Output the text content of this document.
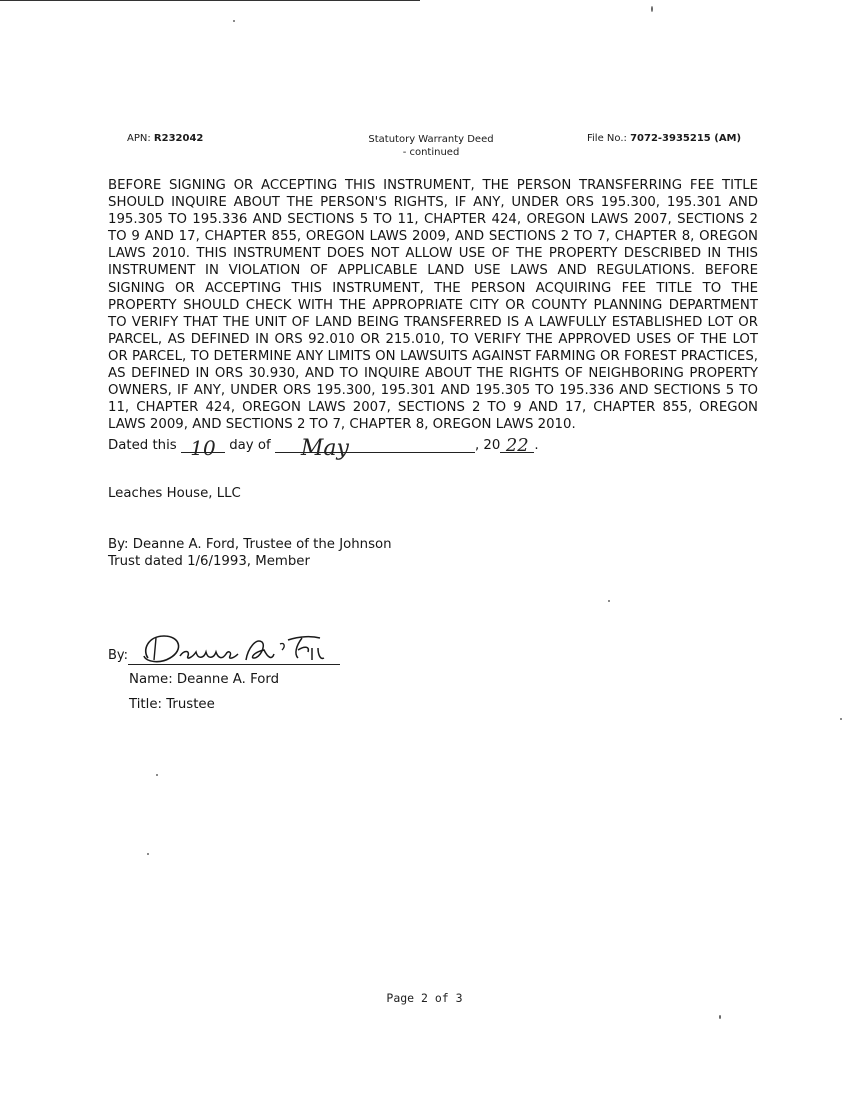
APN: R232042	Statutory Warranty Deed
- continued
File No.: 7072-3935215 (AM)
BEFORE SIGNING OR ACCEPTING THIS INSTRUMENT, THE PERSON TRANSFERRING FEE TITLE SHOULD INQUIRE ABOUT THE PERSON'S RIGHTS, IF ANY, UNDER ORS 195.300, 195.301 AND 195.305 TO 195.336 AND SECTIONS 5 TO 11, CHAPTER 424, OREGON LAWS 2007, SECTIONS 2 TO 9 AND 17, CHAPTER 855, OREGON LAWS 2009, AND SECTIONS 2 TO 7, CHAPTER 8, OREGON LAWS 2010. THIS INSTRUMENT DOES NOT ALLOW USE OF THE PROPERTY DESCRIBED IN THIS INSTRUMENT IN VIOLATION OF APPLICABLE LAND USE LAWS AND REGULATIONS. BEFORE SIGNING OR ACCEPTING THIS INSTRUMENT, THE PERSON ACQUIRING FEE TITLE TO THE PROPERTY SHOULD CHECK WITH THE APPROPRIATE CITY OR COUNTY PLANNING DEPARTMENT TO VERIFY THAT THE UNIT OF LAND BEING TRANSFERRED IS A LAWFULLY ESTABLISHED LOT OR PARCEL, AS DEFINED IN ORS 92.010 OR 215.010, TO VERIFY THE APPROVED USES OF THE LOT OR PARCEL, TO DETERMINE ANY LIMITS ON LAWSUITS AGAINST FARMING OR FOREST PRACTICES, AS DEFINED IN ORS 30.930, AND TO INQUIRE ABOUT THE RIGHTS OF NEIGHBORING PROPERTY OWNERS, IF ANY, UNDER ORS 195.300, 195.301 AND 195.305 TO 195.336 AND SECTIONS 5 TO 11, CHAPTER 424, OREGON LAWS 2007, SECTIONS 2 TO 9 AND 17, CHAPTER 855, OREGON LAWS 2009, AND SECTIONS 2 TO 7, CHAPTER 8, OREGON LAWS 2010.
Dated this 10 day of May	, 20 22 .
Leaches House, LLC
By: Deanne A. Ford, Trustee of the Johnson
Trust dated 1/6/1993, Member
By:
Name: Deanne A. Ford
Title: Trustee
Page 2 of 3
